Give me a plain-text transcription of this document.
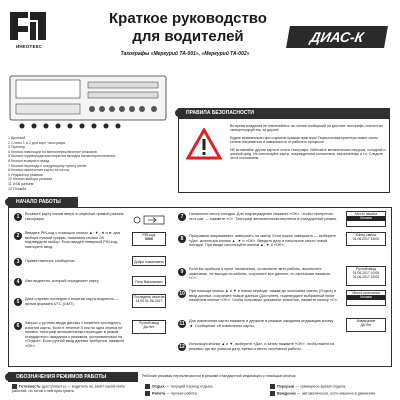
ИНКОТЕКС
Краткое руководство
для водителей
Тахографы «Меркурий ТА-001», «Меркурий ТА-002»
ДИАС-К
1 Дисплей
2 Слоты 1 и 2 для карт тахографа
3 Принтер
4 Кнопка навигации по меню/переключение режимов
5 Кнопка подтверждения/открытия вкладок меню/переключение
6 Кнопка возврата назад
7 Кнопка перехода к следующему пункту меню
8 Кнопка извлечения карты из слота
9 Индикатор режима
10 Кнопки выбора режима
11 USB разъем
12 Пломба
ПРАВИЛА БЕЗОПАСНОСТИ

Во время вождения не отвлекайтесь на чтение сообщений на дисплее тахографа, полностью сконцентрируйтесь на дороге!

Будьте внимательны при открытии крышки принтера! Термоголовка принтера может очень сильно нагреваться в зависимости от рабочего процесса!

НЕ вставляйте другие карты в слоты тахографа. Избегайте механических нагрузок, холодной и грязной сред. Не используйте карты, поврежденные контактами, загрязненные и т.п. Следите за их состоянием.

НАЧАЛО РАБОТЫ
1	Вставьте карту чипом вверх в открытый прямой разъем тахографа.
2	Введите PIN-код с помощью кнопок ▲, ▼, ◄ и ► для выбора нужной цифры, нажатием кнопки OK подтвердите выбор. Если введен неверный PIN-код, повторите ввод.
3	Приветственное сообщение.
4	Имя водителя, который определяет карту.
5	Дата и время последнего изъятия карты водителя — время формата UTC (GMT).
6	Запрос о ручном вводе данных с момента последнего изъятия карты. Если в течение 5 сек ни одна кнопка не нажата, тахограф автоматически переходит в режим стандартного ожидания с режимом, установленным на «Отдых». Если ручной ввод данных требуется, нажмите «OK».
PIN-код:
0000
Добро пожаловать
Петр Васильевич
Последнее изъятие
14:00 01-06-2017
Ручной ввод
Да Нет
7	Начальное место поездки. Для подтверждения нажмите «OK». Чтобы пропустить этот шаг — нажмите «С». Тахограф автоматически вернется в стандартный режим.
8	Программа запрашивает, завершать ли смену. Если нужно завершить — выберите «Да», используя кнопки ▲, ▼ и «OK». Введите дату и начальное место новой поездки. При вводе используйте кнопки ▲, ▼ и «OK».
9	Если вы прибыли в пункт назначения, остановите авто работы, выключите зажигание, не выходя из кабины, сохраните все данные; по окончании нажмите «С».
10	При помощи кнопок ▲ и ▼ в новом периоде, нажав до окончания смены (Отдых) и ввод данных, сохраните новые данные (Доступен), подтвердите выбранный пункт нажатием кнопки «OK». Чтобы исправить указанное значение, нажмите кнопку «С».
11	Для извлечения карты нажмите и держите в режиме ожидания индикацию кнопку ◄. Сообщение об извлечении карты.
12	Используя кнопки ▲ и ▼, выберите «Да», и затем нажмите «OK», чтобы выйти из режима, где вы указали дату, время и место окончания работы.
Место начала
Москва
Конец смены
01.06.2017 18:00
Ручной ввод
01.06.2017 10:05
01.06.2017 18:00
Место окончания
Москва
Извлечение
Да Нет
ОБОЗНАЧЕНИЯ РЕЖИМОВ РАБОТЫ	Рабочие режимы переключаются в режиме стандартной индикации с помощью кнопок:
Готовность (доступность) — водитель не занят какой-либо работой, но готов к ней приступить.
Отдых — текущий период отдыха.
Работа — прочая работа.
Перерыв — суммарное время отдыха.
Вождение — автоматически, если машина в движении.
